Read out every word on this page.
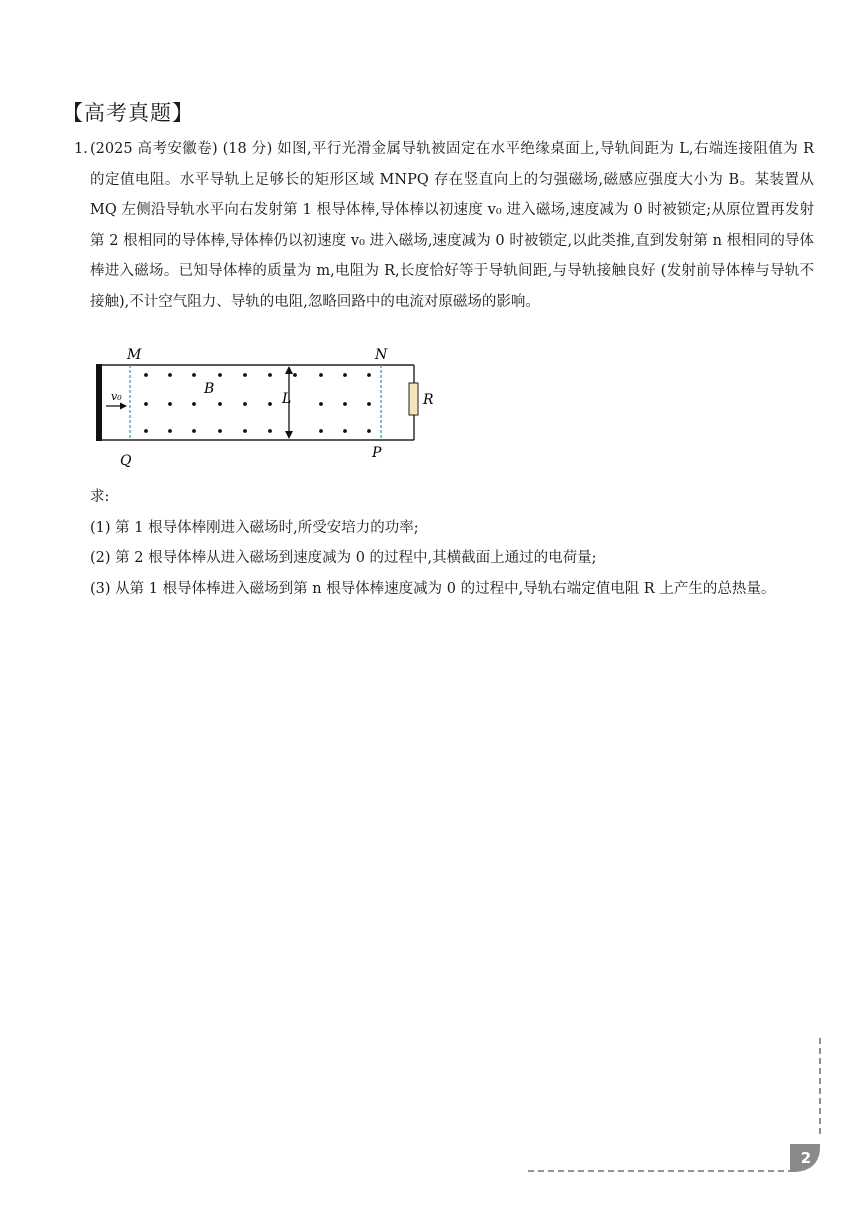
【高考真题】
1. (2025 高考安徽卷) (18 分) 如图,平行光滑金属导轨被固定在水平绝缘桌面上,导轨间距为 L,右端连接阻值为 R 的定值电阻。水平导轨上足够长的矩形区域 MNPQ 存在竖直向上的匀强磁场,磁感应强度大小为 B。某装置从 MQ 左侧沿导轨水平向右发射第 1 根导体棒,导体棒以初速度 v₀ 进入磁场,速度减为 0 时被锁定;从原位置再发射第 2 根相同的导体棒,导体棒仍以初速度 v₀ 进入磁场,速度减为 0 时被锁定,以此类推,直到发射第 n 根相同的导体棒进入磁场。已知导体棒的质量为 m,电阻为 R,长度恰好等于导轨间距,与导轨接触良好 (发射前导体棒与导轨不接触),不计空气阻力、导轨的电阻,忽略回路中的电流对原磁场的影响。
M	N
Q	P
B
L	R
v₀

求:

(1) 第 1 根导体棒刚进入磁场时,所受安培力的功率;

(2) 第 2 根导体棒从进入磁场到速度减为 0 的过程中,其横截面上通过的电荷量;

(3) 从第 1 根导体棒进入磁场到第 n 根导体棒速度减为 0 的过程中,导轨右端定值电阻 R 上产生的总热量。

2
